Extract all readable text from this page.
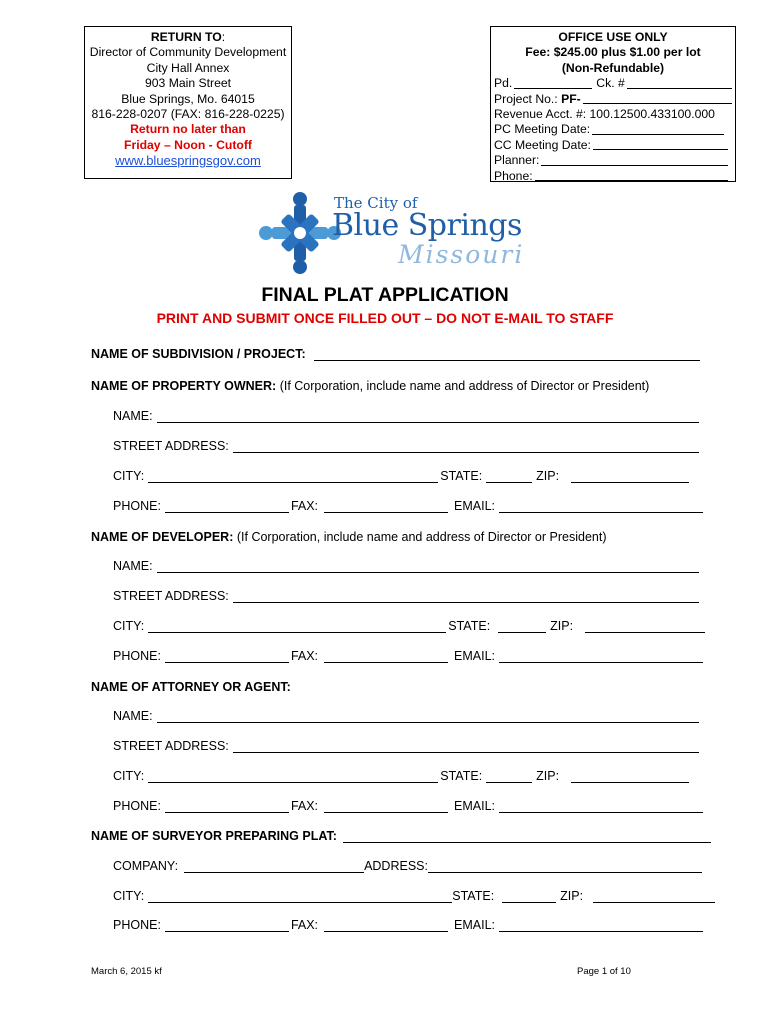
RETURN TO:
Director of Community Development
City Hall Annex
903 Main Street
Blue Springs, Mo. 64015
816-228-0207 (FAX: 816-228-0225)
Return no later than
Friday – Noon - Cutoff
www.bluespringsgov.com
OFFICE USE ONLY
Fee: $245.00 plus $1.00 per lot
(Non-Refundable)
Pd.	Ck. #
Project No.:
PF-
Revenue Acct. #: 100.12500.433100.000
PC Meeting Date:
CC Meeting Date:
Planner:
Phone:
The City of
Blue Springs
Missouri
FINAL PLAT APPLICATION
PRINT AND SUBMIT ONCE FILLED OUT – DO NOT E-MAIL TO STAFF
NAME OF SUBDIVISION / PROJECT:
NAME OF PROPERTY OWNER:
(If Corporation, include name and address of Director or President)
NAME:
STREET ADDRESS:
CITY:	STATE:	ZIP:
PHONE:	FAX:	EMAIL:
NAME OF DEVELOPER:
(If Corporation, include name and address of Director or President)
NAME:
STREET ADDRESS:
CITY:	STATE:	ZIP:
PHONE:	FAX:	EMAIL:
NAME OF ATTORNEY OR AGENT:
NAME:
STREET ADDRESS:
CITY:	STATE:	ZIP:
PHONE:	FAX:	EMAIL:
NAME OF SURVEYOR PREPARING PLAT:
COMPANY:	ADDRESS:
CITY:	STATE:	ZIP:
PHONE:	FAX:	EMAIL:
March 6, 2015 kf	Page 1 of 10
